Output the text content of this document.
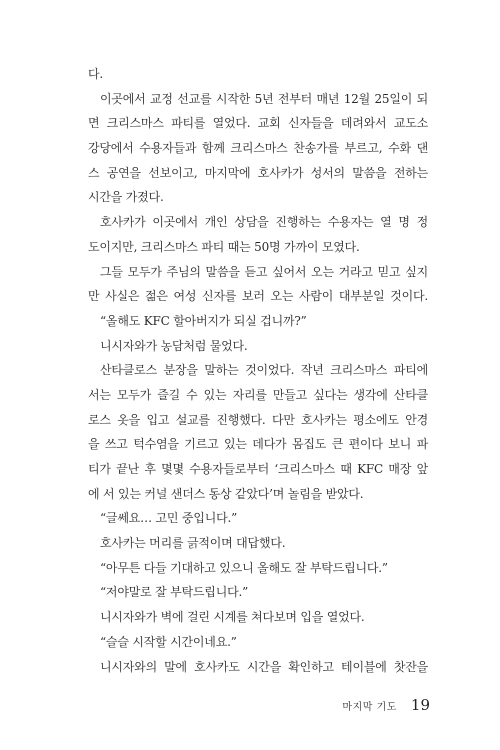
다.
이곳에서 교정 선교를 시작한 5년 전부터 매년 12월 25일이 되
면 크리스마스 파티를 열었다. 교회 신자들을 데려와서 교도소
강당에서 수용자들과 함께 크리스마스 찬송가를 부르고, 수화 댄
스 공연을 선보이고, 마지막에 호사카가 성서의 말씀을 전하는
시간을 가졌다.
호사카가 이곳에서 개인 상담을 진행하는 수용자는 열 명 정
도이지만, 크리스마스 파티 때는 50명 가까이 모였다.
그들 모두가 주님의 말씀을 듣고 싶어서 오는 거라고 믿고 싶지
만 사실은 젊은 여성 신자를 보러 오는 사람이 대부분일 것이다.
“올해도 KFC 할아버지가 되실 겁니까?”
니시자와가 농담처럼 물었다.
산타클로스 분장을 말하는 것이었다. 작년 크리스마스 파티에
서는 모두가 즐길 수 있는 자리를 만들고 싶다는 생각에 산타클
로스 옷을 입고 설교를 진행했다. 다만 호사카는 평소에도 안경
을 쓰고 턱수염을 기르고 있는 데다가 몸집도 큰 편이다 보니 파
티가 끝난 후 몇몇 수용자들로부터 ‘크리스마스 때 KFC 매장 앞
에 서 있는 커널 샌더스 동상 같았다’며 놀림을 받았다.
“글쎄요… 고민 중입니다.”
호사카는 머리를 긁적이며 대답했다.
“아무튼 다들 기대하고 있으니 올해도 잘 부탁드립니다.”
“저야말로 잘 부탁드립니다.”
니시자와가 벽에 걸린 시계를 쳐다보며 입을 열었다.
“슬슬 시작할 시간이네요.”
니시자와의 말에 호사카도 시간을 확인하고 테이블에 찻잔을
마지막 기도 19
